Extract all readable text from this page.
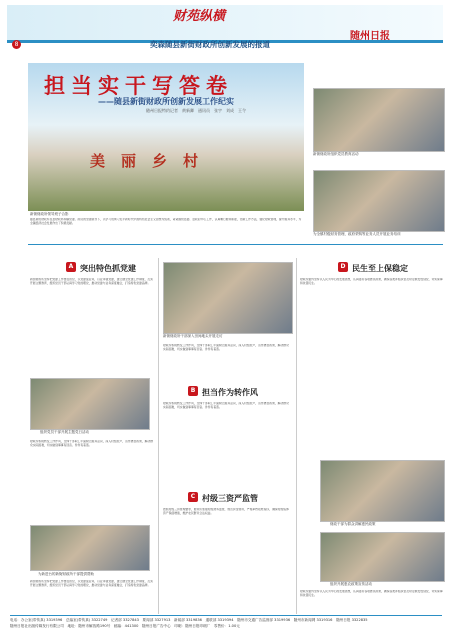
8
财苑纵横
奕森随县新街财政所创新发展的报道
随州日报
担当实干写答卷
——随县新街财政所创新发展工作纪实
随州日报特约记者　黄新卿　通讯员　张宇　刘成　王令
美丽乡村
新街财政所领导班子合影
随县新街财政所在县财政局和镇党委、政府的坚强领导下，以学习贯彻习近平新时代中国特色社会主义思想为统领，紧紧围绕县委、县政府中心工作，认真履行财政职能，创新工作方法，强化财政管理，提升服务水平，为全镇经济社会发展作出了积极贡献。
新街财政所组织党员教育活动
为全镇村级财务管理、政府采购等业务人员开展业务培训
A 突出特色抓党建
新街财政所坚持把党建工作摆在首位，以党建促业务，以业务强党建，建立健全党建工作制度，扎实开展主题教育，组织党员干部认真学习党的理论，推动党建与业务深度融合，打造特色党建品牌。
组织党员干部开展主题党日活动
财政所积极转变工作作风，全体干部职工牢固树立服务意识，深入村组农户，宣传惠农政策，解决群众实际困难，切实做到事事有回音、件件有着落。
为新进台的新街财政所干部提供帮助
新街财政所坚持把党建工作摆在首位，以党建促业务，以业务强党建，建立健全党建工作制度，扎实开展主题教育，组织党员干部认真学习党的理论，推动党建与业务深度融合，打造特色党建品牌。
新街财政所干部深入田间地头开展走访
财政所积极转变工作作风，全体干部职工牢固树立服务意识，深入村组农户，宣传惠农政策，解决群众实际困难，切实做到事事有回音、件件有着落。
B 担当作为转作风
财政所积极转变工作作风，全体干部职工牢固树立服务意识，深入村组农户，宣传惠农政策，解决群众实际困难，切实做到事事有回音、件件有着落。
C 村级三资严监管
按照村级三资管理要求，财政所加强村级财务监管，规范资金使用，严格审核报账程序，确保村级集体资产保值增值，维护农民群众合法权益。
D 民生至上保稳定
财政所始终坚持以人民为中心的发展思想，认真落实各项惠民政策，确保各类补贴资金及时足额发放到位，切实保障和改善民生。
财政干部为群众讲解惠民政策
组织开展惠农政策宣传活动
财政所始终坚持以人民为中心的发展思想，认真落实各项惠民政策，确保各类补贴资金及时足额发放到位，切实保障和改善民生。
电话：办公室(带传真) 3319396　总编室(带传真) 3322749　记者部 3327843　要闻部 3327913　新闻部 3319836　通联部 3319394　随州市交通广告监督部 3319936　随州市新闻网 3319316　随州日报 3322835
随州日报社出版传媒发行有限公司　地址：随州市解放路190号　邮编：441300　随州日报广告中心　印刷：随州日报印刷厂　零售价：1.00元
